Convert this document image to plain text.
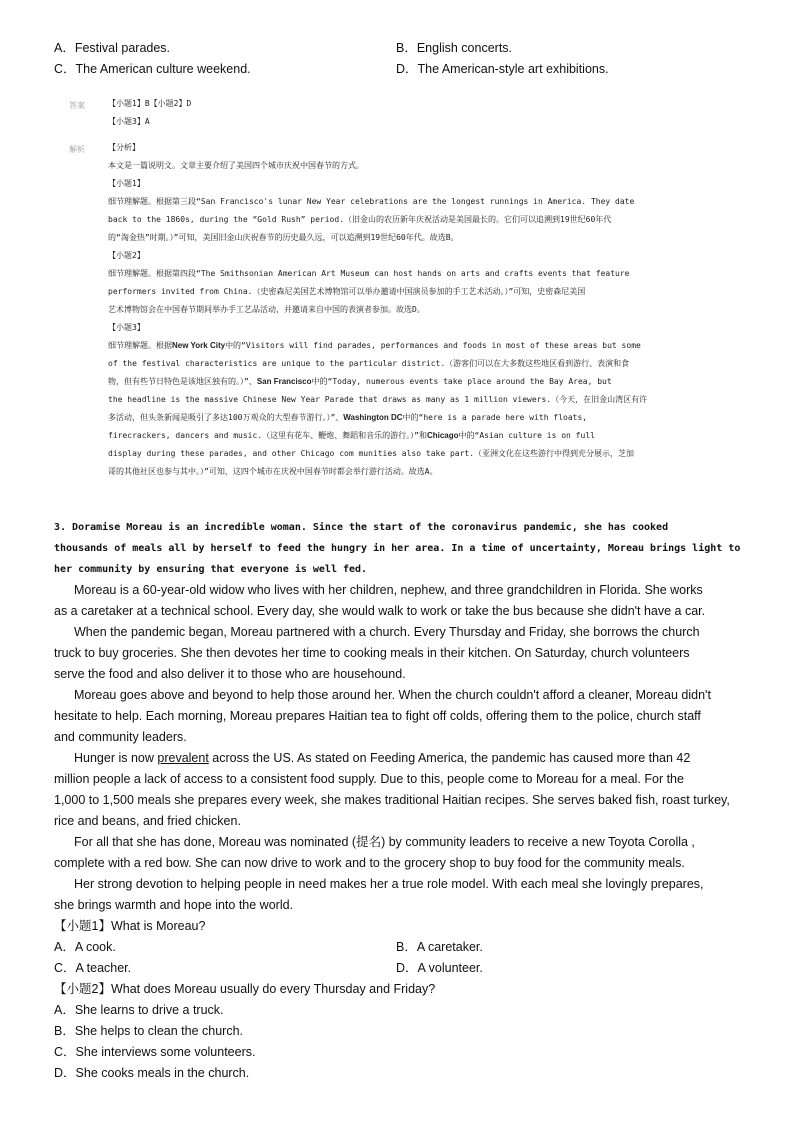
A．Festival parades.	B．English concerts.
C．The American culture weekend.	D．The American-style art exhibitions.
答案	【小题1】B【小题2】D
【小题3】A
解析	【分析】
本文是一篇说明文。文章主要介绍了美国四个城市庆祝中国春节的方式。
【小题1】
细节理解题。根据第三段“San Francisco's lunar New Year celebrations are the longest runnings in America. They date
back to the 1860s, during the “Gold Rush” period.（旧金山的农历新年庆祝活动是美国最长的。它们可以追溯到19世纪60年代
的“淘金热”时期。）”可知，美国旧金山庆祝春节的历史最久远，可以追溯到19世纪60年代。故选B。
【小题2】
细节理解题。根据第四段“The Smithsonian American Art Museum can host hands on arts and crafts events that feature
performers invited from China.（史密森尼美国艺术博物馆可以举办邀请中国演员参加的手工艺术活动。）”可知，史密森尼美国
艺术博物馆会在中国春节期间举办手工艺品活动，并邀请来自中国的表演者参加。故选D。
【小题3】
细节理解题。根据New York City中的“Visitors will find parades, performances and foods in most of these areas but some
of the festival characteristics are unique to the particular district.（游客们可以在大多数这些地区看到游行、表演和食
物，但有些节日特色是该地区独有的。）”、San Francisco中的“Today, numerous events take place around the Bay Area, but
the headline is the massive Chinese New Year Parade that draws as many as 1 million viewers.（今天，在旧金山湾区有许
多活动，但头条新闻是吸引了多达100万观众的大型春节游行。）”、Washington DC中的“here is a parade here with floats,
firecrackers, dancers and music.（这里有花车、鞭炮、舞蹈和音乐的游行。）”和Chicago中的“Asian culture is on full
display during these parades, and other Chicago com munities also take part.（亚洲文化在这些游行中得到充分展示，芝加
哥的其他社区也参与其中。）”可知，这四个城市在庆祝中国春节时都会举行游行活动。故选A。
3. Doramise Moreau is an incredible woman. Since the start of the coronavirus pandemic, she has cooked
thousands of meals all by herself to feed the hungry in her area. In a time of uncertainty, Moreau brings light to
her community by ensuring that everyone is well fed.
Moreau is a 60-year-old widow who lives with her children, nephew, and three grandchildren in Florida. She works
as a caretaker at a technical school. Every day, she would walk to work or take the bus because she didn't have a car.
When the pandemic began, Moreau partnered with a church. Every Thursday and Friday, she borrows the church
truck to buy groceries. She then devotes her time to cooking meals in their kitchen. On Saturday, church volunteers
serve the food and also deliver it to those who are househound.
Moreau goes above and beyond to help those around her. When the church couldn't afford a cleaner, Moreau didn't
hesitate to help. Each morning, Moreau prepares Haitian tea to fight off colds, offering them to the police, church staff
and community leaders.
Hunger is now prevalent across the US. As stated on Feeding America, the pandemic has caused more than 42
million people a lack of access to a consistent food supply. Due to this, people come to Moreau for a meal. For the
1,000 to 1,500 meals she prepares every week, she makes traditional Haitian recipes. She serves baked fish, roast turkey,
rice and beans, and fried chicken.
For all that she has done, Moreau was nominated (提名) by community leaders to receive a new Toyota Corolla ,
complete with a red bow. She can now drive to work and to the grocery shop to buy food for the community meals.
Her strong devotion to helping people in need makes her a true role model. With each meal she lovingly prepares,
she brings warmth and hope into the world.
【小题1】What is Moreau?
A．A cook.	B．A caretaker.
C．A teacher.	D．A volunteer.
【小题2】What does Moreau usually do every Thursday and Friday?
A．She learns to drive a truck.
B．She helps to clean the church.
C．She interviews some volunteers.
D．She cooks meals in the church.
